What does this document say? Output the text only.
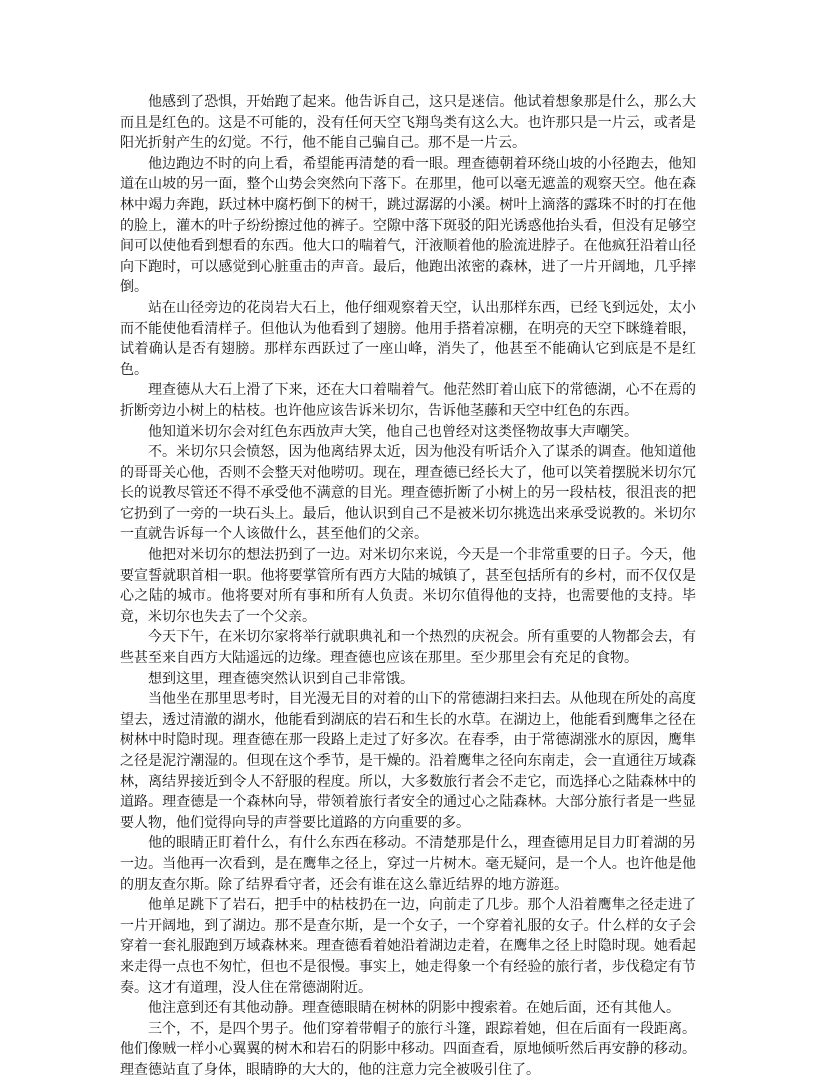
他感到了恐惧，开始跑了起来。他告诉自己，这只是迷信。他试着想象那是什么，那么大而且是红色的。这是不可能的，没有任何天空飞翔鸟类有这么大。也许那只是一片云，或者是阳光折射产生的幻觉。不行，他不能自己骗自己。那不是一片云。

他边跑边不时的向上看，希望能再清楚的看一眼。理查德朝着环绕山坡的小径跑去，他知道在山坡的另一面，整个山势会突然向下落下。在那里，他可以毫无遮盖的观察天空。他在森林中竭力奔跑，跃过林中腐朽倒下的树干，跳过潺潺的小溪。树叶上滴落的露珠不时的打在他的脸上，灌木的叶子纷纷擦过他的裤子。空隙中落下斑驳的阳光诱惑他抬头看，但没有足够空间可以使他看到想看的东西。他大口的喘着气，汗液顺着他的脸流进脖子。在他疯狂沿着山径向下跑时，可以感觉到心脏重击的声音。最后，他跑出浓密的森林，进了一片开阔地，几乎摔倒。

站在山径旁边的花岗岩大石上，他仔细观察着天空，认出那样东西，已经飞到远处，太小而不能使他看清样子。但他认为他看到了翅膀。他用手搭着凉棚，在明亮的天空下眯缝着眼，试着确认是否有翅膀。那样东西跃过了一座山峰，消失了，他甚至不能确认它到底是不是红色。

理查德从大石上滑了下来，还在大口着喘着气。他茫然盯着山底下的常德湖，心不在焉的折断旁边小树上的枯枝。也许他应该告诉米切尔，告诉他茎藤和天空中红色的东西。

他知道米切尔会对红色东西放声大笑，他自己也曾经对这类怪物故事大声嘲笑。

不。米切尔只会愤怒，因为他离结界太近，因为他没有听话介入了谋杀的调查。他知道他的哥哥关心他，否则不会整天对他唠叨。现在，理查德已经长大了，他可以笑着摆脱米切尔冗长的说教尽管还不得不承受他不满意的目光。理查德折断了小树上的另一段枯枝，很沮丧的把它扔到了一旁的一块石头上。最后，他认识到自己不是被米切尔挑选出来承受说教的。米切尔一直就告诉每一个人该做什么，甚至他们的父亲。

他把对米切尔的想法扔到了一边。对米切尔来说，今天是一个非常重要的日子。今天，他要宣誓就职首相一职。他将要掌管所有西方大陆的城镇了，甚至包括所有的乡村，而不仅仅是心之陆的城市。他将要对所有事和所有人负责。米切尔值得他的支持，也需要他的支持。毕竟，米切尔也失去了一个父亲。

今天下午，在米切尔家将举行就职典礼和一个热烈的庆祝会。所有重要的人物都会去，有些甚至来自西方大陆遥远的边缘。理查德也应该在那里。至少那里会有充足的食物。

想到这里，理查德突然认识到自己非常饿。

当他坐在那里思考时，目光漫无目的对着的山下的常德湖扫来扫去。从他现在所处的高度望去，透过清澈的湖水，他能看到湖底的岩石和生长的水草。在湖边上，他能看到鹰隼之径在树林中时隐时现。理查德在那一段路上走过了好多次。在春季，由于常德湖涨水的原因，鹰隼之径是泥泞潮湿的。但现在这个季节，是干燥的。沿着鹰隼之径向东南走，会一直通往万域森林，离结界接近到令人不舒服的程度。所以，大多数旅行者会不走它，而选择心之陆森林中的道路。理查德是一个森林向导，带领着旅行者安全的通过心之陆森林。大部分旅行者是一些显要人物，他们觉得向导的声誉要比道路的方向重要的多。

他的眼睛正盯着什么，有什么东西在移动。不清楚那是什么，理查德用足目力盯着湖的另一边。当他再一次看到，是在鹰隼之径上，穿过一片树木。毫无疑问，是一个人。也许他是他的朋友查尔斯。除了结界看守者，还会有谁在这么靠近结界的地方游逛。

他单足跳下了岩石，把手中的枯枝扔在一边，向前走了几步。那个人沿着鹰隼之径走进了一片开阔地，到了湖边。那不是查尔斯，是一个女子，一个穿着礼服的女子。什么样的女子会穿着一套礼服跑到万域森林来。理查德看着她沿着湖边走着，在鹰隼之径上时隐时现。她看起来走得一点也不匆忙，但也不是很慢。事实上，她走得象一个有经验的旅行者，步伐稳定有节奏。这才有道理，没人住在常德湖附近。

他注意到还有其他动静。理查德眼睛在树林的阴影中搜索着。在她后面，还有其他人。

三个，不，是四个男子。他们穿着带帽子的旅行斗篷，跟踪着她，但在后面有一段距离。他们像贼一样小心翼翼的树木和岩石的阴影中移动。四面查看，原地倾听然后再安静的移动。理查德站直了身体，眼睛睁的大大的，他的注意力完全被吸引住了。
